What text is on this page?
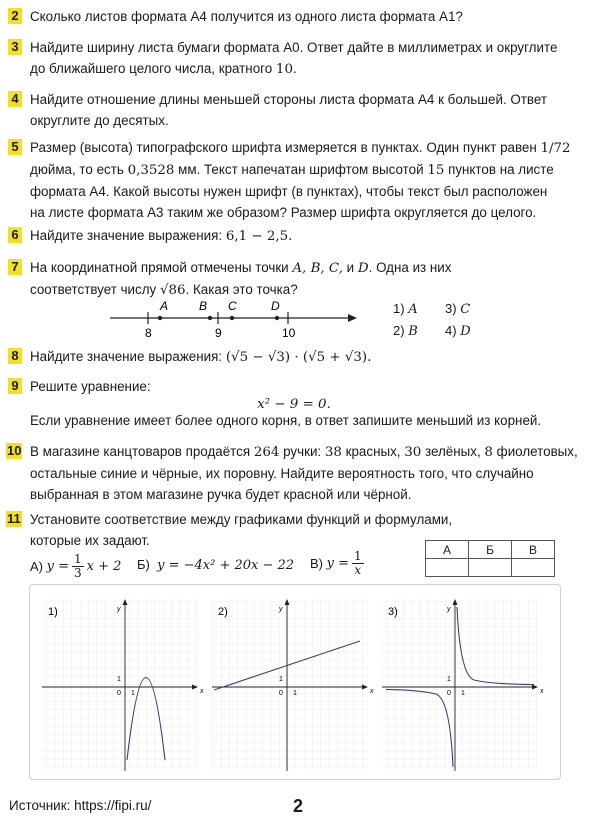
2 Сколько листов формата А4 получится из одного листа формата А1?
3 Найдите ширину листа бумаги формата А0. Ответ дайте в миллиметрах и округлите
до ближайшего целого числа, кратного 10.
4 Найдите отношение длины меньшей стороны листа формата А4 к большей. Ответ
округлите до десятых.
5 Размер (высота) типографского шрифта измеряется в пунктах. Один пункт равен 1/72
дюйма, то есть 0,3528 мм. Текст напечатан шрифтом высотой 15 пунктов на листе
формата А4. Какой высоты нужен шрифт (в пунктах), чтобы текст был расположен
на листе формата А3 таким же образом? Размер шрифта округляется до целого.
6 Найдите значение выражения: 6,1 − 2,5.
7 На координатной прямой отмечены точки A, B, C, и D. Одна из них
соответствует числу √86. Какая это точка?
8	9	10
A	B C	D	1) A 3) C
2) B 4) D
8 Найдите значение выражения: (√5 − √3) · (√5 + √3).
9 Решите уравнение:
x² − 9 = 0.
Если уравнение имеет более одного корня, в ответ запишите меньший из корней.
10 В магазине канцтоваров продаётся 264 ручки: 38 красных, 30 зелёных, 8 фиолетовых,
остальные синие и чёрные, их поровну. Найдите вероятность того, что случайно
выбранная в этом магазине ручка будет красной или чёрной.
11 Установите соответствие между графиками функций и формулами,
которые их задают.
А)
$y = \frac{1}{3}$ x + 2 Б) y = −4x² + 20x − 22 В)
$y = \frac{1}{x}$
А	Б	В

1)	y
x
0 1
1
2)	y
x
0 1
1
3)	y
x
0 1
1
Источник: https://fipi.ru/	2
